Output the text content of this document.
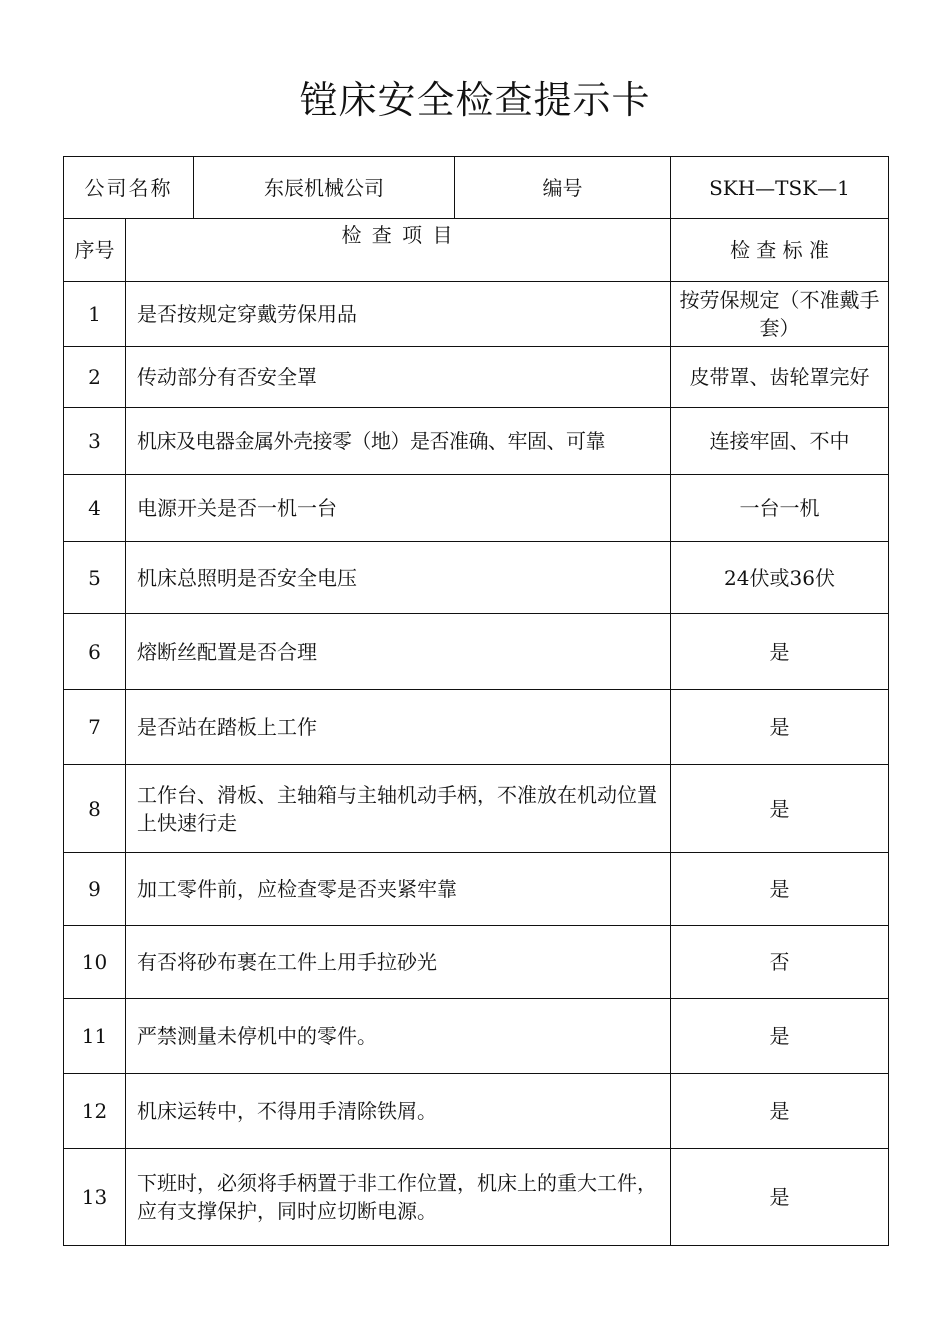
镗床安全检查提示卡
公司名称		东辰机械公司	编号	SKH—TSK—1
序号	检 查 项 目			检 查 标 准
1	是否按规定穿戴劳保用品			按劳保规定（不准戴手套）
2	传动部分有否安全罩			皮带罩、齿轮罩完好
3	机床及电器金属外壳接零（地）是否准确、牢固、可靠			连接牢固、不中
4	电源开关是否一机一台			一台一机
5	机床总照明是否安全电压			24伏或36伏
6	熔断丝配置是否合理			是
7	是否站在踏板上工作			是
8	工作台、滑板、主轴箱与主轴机动手柄，不准放在机动位置上快速行走			是
9	加工零件前，应检查零是否夹紧牢靠			是
10	有否将砂布裹在工件上用手拉砂光			否
11	严禁测量未停机中的零件。			是
12	机床运转中，不得用手清除铁屑。			是
13	下班时，必须将手柄置于非工作位置，机床上的重大工件，应有支撑保护，同时应切断电源。			是
